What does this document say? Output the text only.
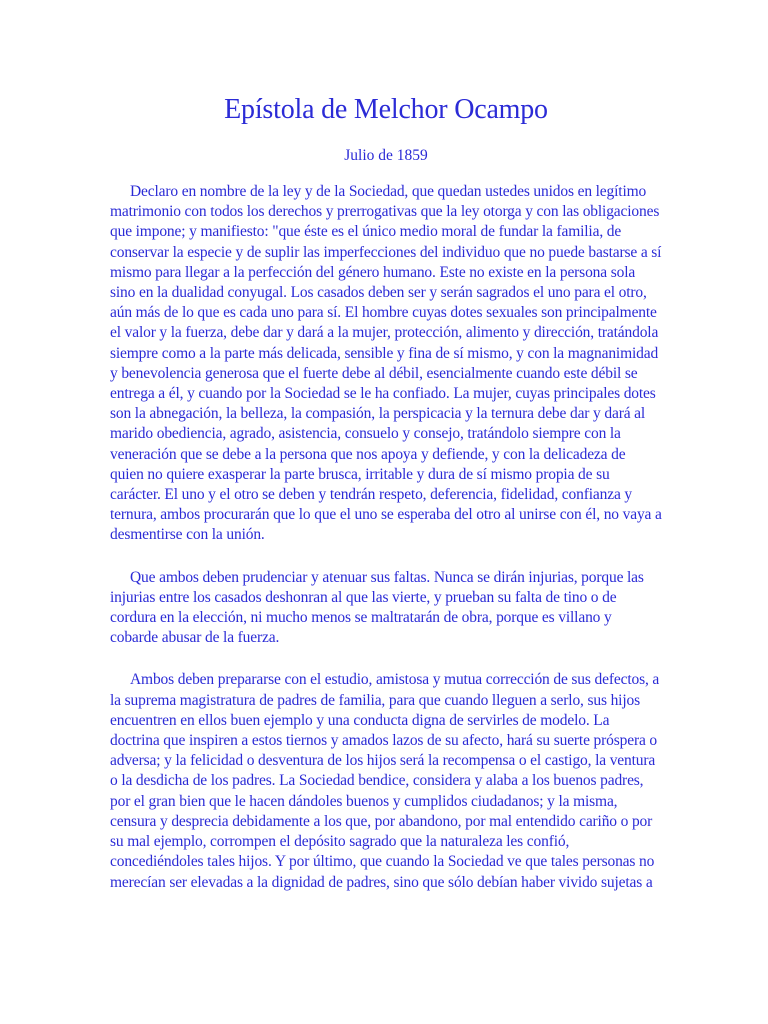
Epístola de Melchor Ocampo
Julio de 1859

Declaro en nombre de la ley y de la Sociedad, que quedan ustedes unidos en legítimo matrimonio con todos los derechos y prerrogativas que la ley otorga y con las obligaciones que impone; y manifiesto: "que éste es el único medio moral de fundar la familia, de conservar la especie y de suplir las imperfecciones del individuo que no puede bastarse a sí mismo para llegar a la perfección del género humano. Este no existe en la persona sola sino en la dualidad conyugal. Los casados deben ser y serán sagrados el uno para el otro, aún más de lo que es cada uno para sí. El hombre cuyas dotes sexuales son principalmente el valor y la fuerza, debe dar y dará a la mujer, protección, alimento y dirección, tratándola siempre como a la parte más delicada, sensible y fina de sí mismo, y con la magnanimidad y benevolencia generosa que el fuerte debe al débil, esencialmente cuando este débil se entrega a él, y cuando por la Sociedad se le ha confiado. La mujer, cuyas principales dotes son la abnegación, la belleza, la compasión, la perspicacia y la ternura debe dar y dará al marido obediencia, agrado, asistencia, consuelo y consejo, tratándolo siempre con la veneración que se debe a la persona que nos apoya y defiende, y con la delicadeza de quien no quiere exasperar la parte brusca, irritable y dura de sí mismo propia de su carácter. El uno y el otro se deben y tendrán respeto, deferencia, fidelidad, confianza y ternura, ambos procurarán que lo que el uno se esperaba del otro al unirse con él, no vaya a desmentirse con la unión.

Que ambos deben prudenciar y atenuar sus faltas. Nunca se dirán injurias, porque las injurias entre los casados deshonran al que las vierte, y prueban su falta de tino o de cordura en la elección, ni mucho menos se maltratarán de obra, porque es villano y cobarde abusar de la fuerza.

Ambos deben prepararse con el estudio, amistosa y mutua corrección de sus defectos, a la suprema magistratura de padres de familia, para que cuando lleguen a serlo, sus hijos encuentren en ellos buen ejemplo y una conducta digna de servirles de modelo. La doctrina que inspiren a estos tiernos y amados lazos de su afecto, hará su suerte próspera o adversa; y la felicidad o desventura de los hijos será la recompensa o el castigo, la ventura o la desdicha de los padres. La Sociedad bendice, considera y alaba a los buenos padres, por el gran bien que le hacen dándoles buenos y cumplidos ciudadanos; y la misma, censura y desprecia debidamente a los que, por abandono, por mal entendido cariño o por su mal ejemplo, corrompen el depósito sagrado que la naturaleza les confió, concediéndoles tales hijos. Y por último, que cuando la Sociedad ve que tales personas no merecían ser elevadas a la dignidad de padres, sino que sólo debían haber vivido sujetas a
